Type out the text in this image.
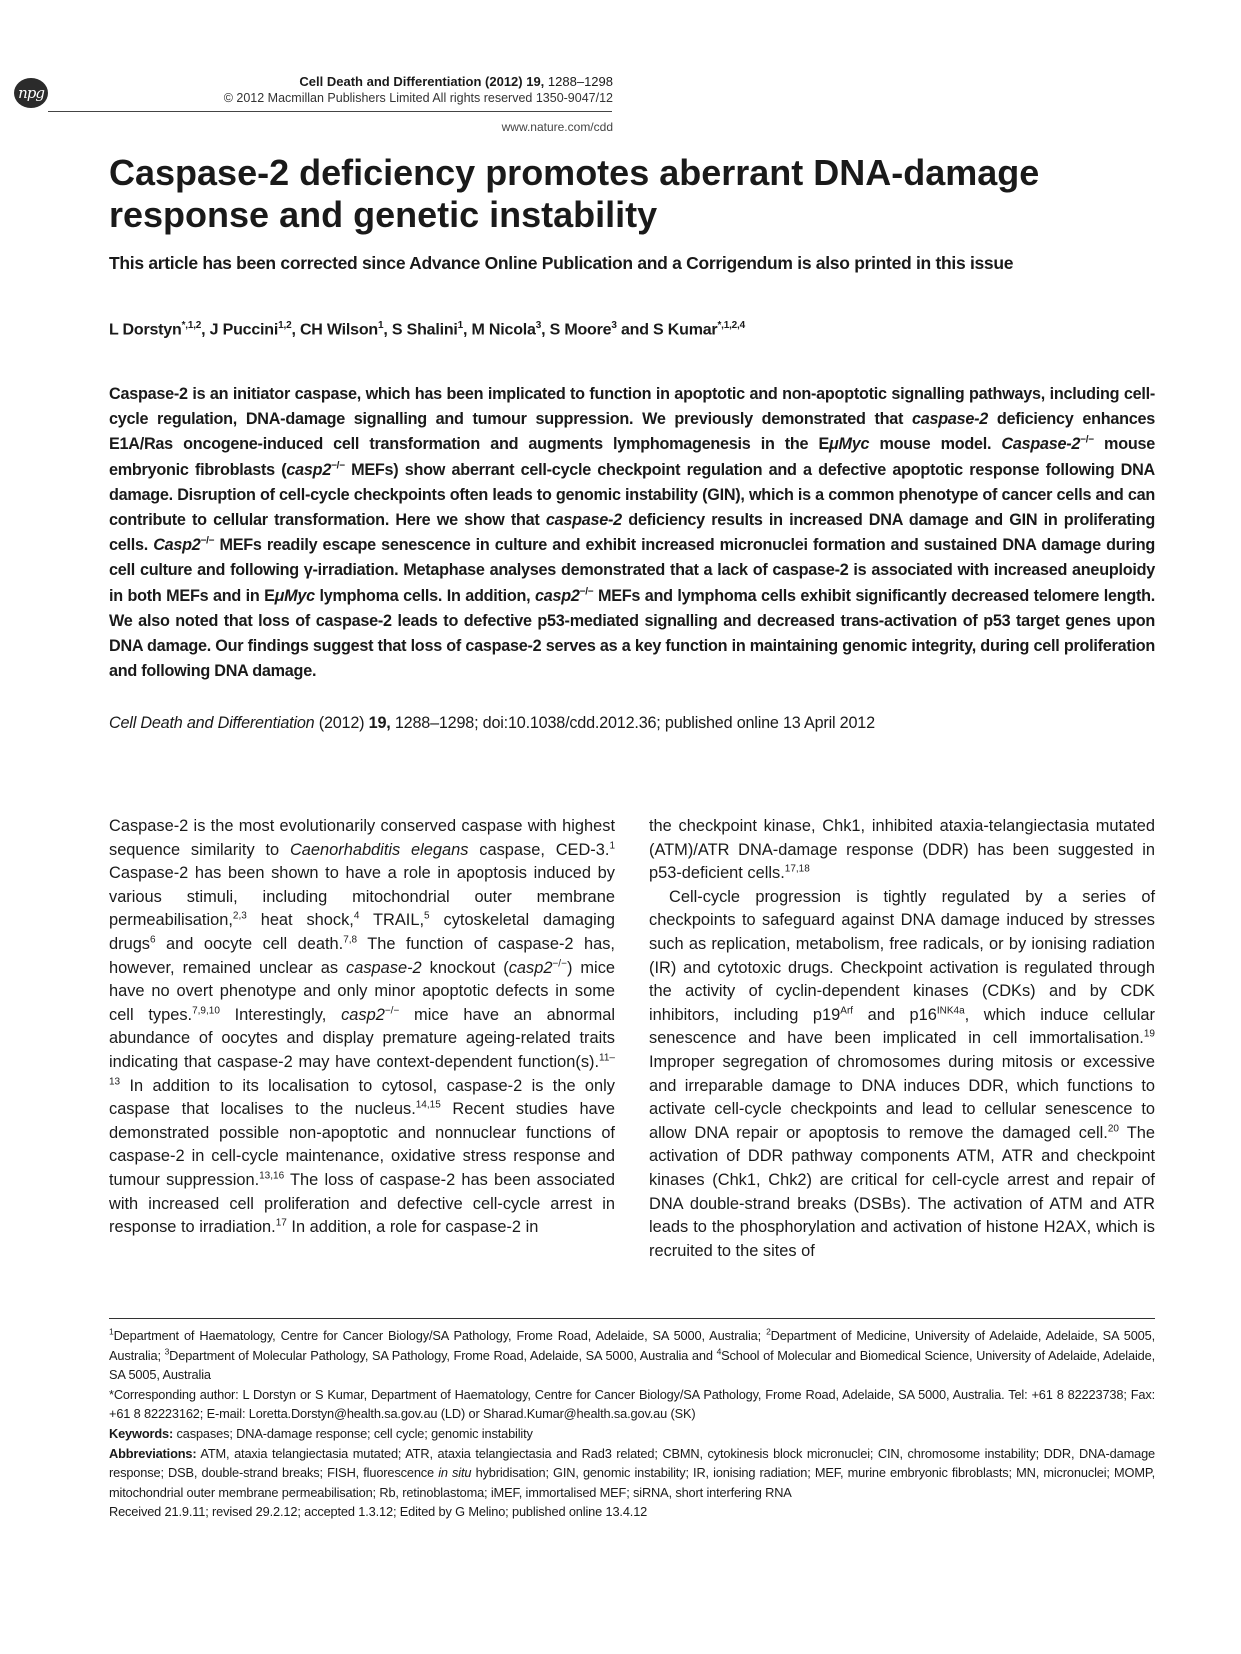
npg
Cell Death and Differentiation (2012) 19, 1288–1298
© 2012 Macmillan Publishers Limited All rights reserved 1350-9047/12
www.nature.com/cdd
Caspase-2 deficiency promotes aberrant DNA-damage response and genetic instability
This article has been corrected since Advance Online Publication and a Corrigendum is also printed in this issue
L Dorstyn$^{*,1,2}$, J Puccini$^{1,2}$, CH Wilson$^1$, S Shalini$^1$, M Nicola$^3$, S Moore$^3$ and S Kumar$^{*,1,2,4}$
Caspase-2 is an initiator caspase, which has been implicated to function in apoptotic and non-apoptotic signalling pathways, including cell-cycle regulation, DNA-damage signalling and tumour suppression. We previously demonstrated that caspase-2 deficiency enhances E1A/Ras oncogene-induced cell transformation and augments lymphomagenesis in the EμMyc mouse model. Caspase-2−/− mouse embryonic fibroblasts (casp2−/− MEFs) show aberrant cell-cycle checkpoint regulation and a defective apoptotic response following DNA damage. Disruption of cell-cycle checkpoints often leads to genomic instability (GIN), which is a common phenotype of cancer cells and can contribute to cellular transformation. Here we show that caspase-2 deficiency results in increased DNA damage and GIN in proliferating cells. Casp2−/− MEFs readily escape senescence in culture and exhibit increased micronuclei formation and sustained DNA damage during cell culture and following γ-irradiation. Metaphase analyses demonstrated that a lack of caspase-2 is associated with increased aneuploidy in both MEFs and in EμMyc lymphoma cells. In addition, casp2−/− MEFs and lymphoma cells exhibit significantly decreased telomere length. We also noted that loss of caspase-2 leads to defective p53-mediated signalling and decreased trans-activation of p53 target genes upon DNA damage. Our findings suggest that loss of caspase-2 serves as a key function in maintaining genomic integrity, during cell proliferation and following DNA damage.
Cell Death and Differentiation (2012) 19, 1288–1298; doi:10.1038/cdd.2012.36; published online 13 April 2012

Caspase-2 is the most evolutionarily conserved caspase with highest sequence similarity to Caenorhabditis elegans caspase, CED-3.$^1$ Caspase-2 has been shown to have a role in apoptosis induced by various stimuli, including mitochondrial outer membrane permeabilisation,$^{2,3}$ heat shock,$^4$ TRAIL,$^5$ cytoskeletal damaging drugs$^6$ and oocyte cell death.$^{7,8}$ The function of caspase-2 has, however, remained unclear as caspase-2 knockout (casp2−/−) mice have no overt phenotype and only minor apoptotic defects in some cell types.$^{7,9,10}$ Interestingly, casp2−/− mice have an abnormal abundance of oocytes and display premature ageing-related traits indicating that caspase-2 may have context-dependent function(s).$^{11-13}$ In addition to its localisation to cytosol, caspase-2 is the only caspase that localises to the nucleus.$^{14,15}$ Recent studies have demonstrated possible non-apoptotic and nonnuclear functions of caspase-2 in cell-cycle maintenance, oxidative stress response and tumour suppression.$^{13,16}$ The loss of caspase-2 has been associated with increased cell proliferation and defective cell-cycle arrest in response to irradiation.$^{17}$ In addition, a role for caspase-2 in

the checkpoint kinase, Chk1, inhibited ataxia-telangiectasia mutated (ATM)/ATR DNA-damage response (DDR) has been suggested in p53-deficient cells.$^{17,18}$

Cell-cycle progression is tightly regulated by a series of checkpoints to safeguard against DNA damage induced by stresses such as replication, metabolism, free radicals, or by ionising radiation (IR) and cytotoxic drugs. Checkpoint activation is regulated through the activity of cyclin-dependent kinases (CDKs) and by CDK inhibitors, including $p19^{Arf}$ and $p16^{INK4a}$, which induce cellular senescence and have been implicated in cell immortalisation.$^{19}$ Improper segregation of chromosomes during mitosis or excessive and irreparable damage to DNA induces DDR, which functions to activate cell-cycle checkpoints and lead to cellular senescence to allow DNA repair or apoptosis to remove the damaged cell.$^{20}$ The activation of DDR pathway components ATM, ATR and checkpoint kinases (Chk1, Chk2) are critical for cell-cycle arrest and repair of DNA double-strand breaks (DSBs). The activation of ATM and ATR leads to the phosphorylation and activation of histone H2AX, which is recruited to the sites of

$^1$Department of Haematology, Centre for Cancer Biology/SA Pathology, Frome Road, Adelaide, SA 5000, Australia; $^2$Department of Medicine, University of Adelaide, Adelaide, SA 5005, Australia; $^3$Department of Molecular Pathology, SA Pathology, Frome Road, Adelaide, SA 5000, Australia and $^4$School of Molecular and Biomedical Science, University of Adelaide, Adelaide, SA 5005, Australia

*Corresponding author: L Dorstyn or S Kumar, Department of Haematology, Centre for Cancer Biology/SA Pathology, Frome Road, Adelaide, SA 5000, Australia. Tel: +61 8 82223738; Fax: +61 8 82223162; E-mail: Loretta.Dorstyn@health.sa.gov.au (LD) or Sharad.Kumar@health.sa.gov.au (SK)

Keywords: caspases; DNA-damage response; cell cycle; genomic instability

Abbreviations: ATM, ataxia telangiectasia mutated; ATR, ataxia telangiectasia and Rad3 related; CBMN, cytokinesis block micronuclei; CIN, chromosome instability; DDR, DNA-damage response; DSB, double-strand breaks; FISH, fluorescence in situ hybridisation; GIN, genomic instability; IR, ionising radiation; MEF, murine embryonic fibroblasts; MN, micronuclei; MOMP, mitochondrial outer membrane permeabilisation; Rb, retinoblastoma; iMEF, immortalised MEF; siRNA, short interfering RNA

Received 21.9.11; revised 29.2.12; accepted 1.3.12; Edited by G Melino; published online 13.4.12
